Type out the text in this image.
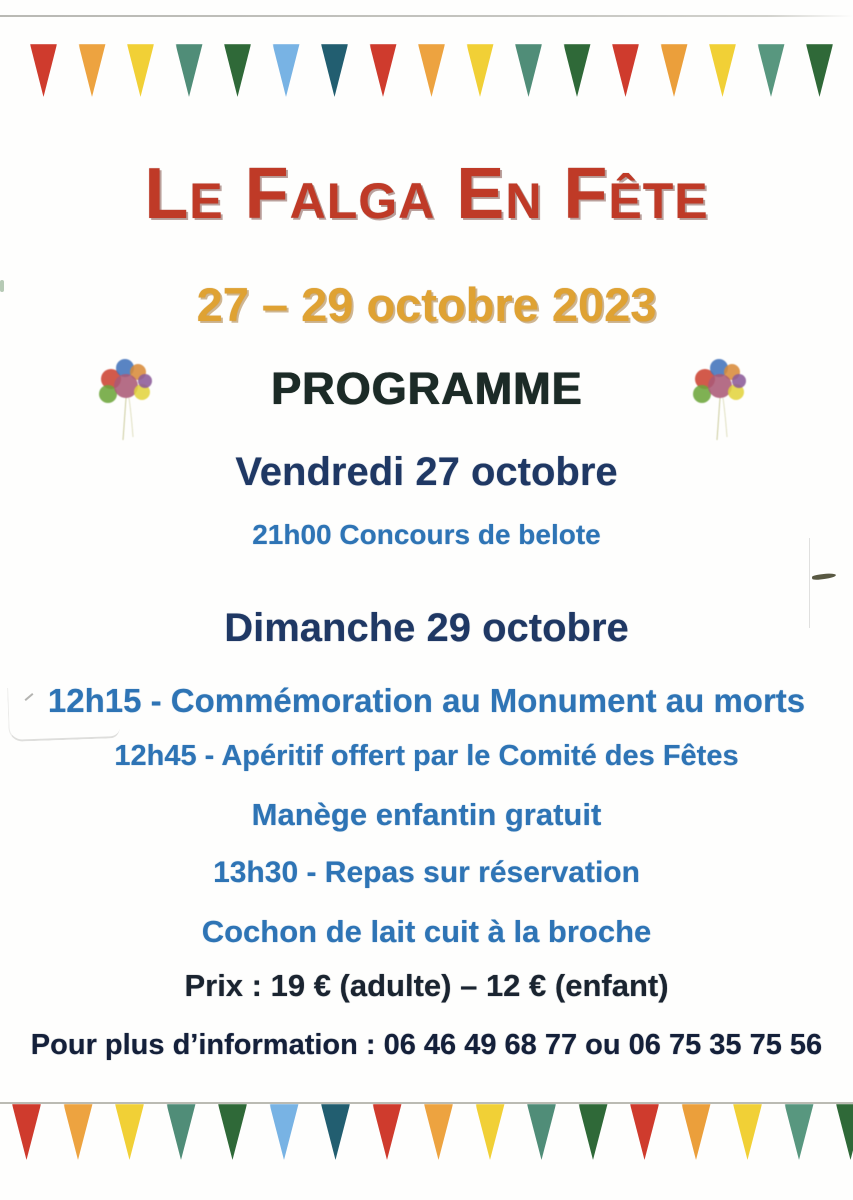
Le Falga En Fête
27 – 29 octobre 2023
PROGRAMME
Vendredi 27 octobre

21h00 Concours de belote

Dimanche 29 octobre

12h15 - Commémoration au Monument au morts

12h45 - Apéritif offert par le Comité des Fêtes

Manège enfantin gratuit

13h30 - Repas sur réservation

Cochon de lait cuit à la broche

Prix : 19 € (adulte) – 12 € (enfant)

Pour plus d’information : 06 46 49 68 77 ou 06 75 35 75 56
